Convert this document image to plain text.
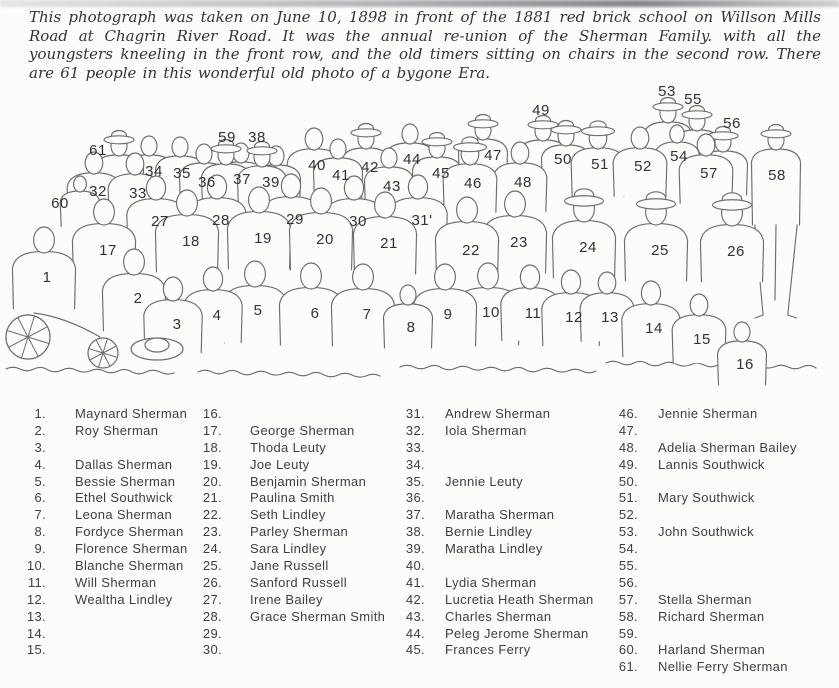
This photograph was taken on June 10, 1898 in front of the 1881 red brick school on Willson Mills Road at Chagrin River Road. It was the annual re-union of the Sherman Family. with all the youngsters kneeling in the front row, and the old timers sitting on chairs in the second row. There are 61 people in this wonderful old photo of a bygone Era.

1
2
3
4 5	6	7
8
9 10 11 12 13
14
15
16
17
18	19	20	21	22 23	24	25	26
27	28	29	30	31'
32 33
34 35
36 37
38
39
40
41 42
43
44
45
46
47
48
49
50 51 52
53
54
55
56
57	58
59
60
61
1. Maynard Sherman
2. Roy Sherman
3.
4. Dallas Sherman
5. Bessie Sherman
6. Ethel Southwick
7. Leona Sherman
8. Fordyce Sherman
9. Florence Sherman
10. Blanche Sherman
11. Will Sherman
12. Wealtha Lindley
13.
14.
15.
16.
17. George Sherman
18. Thoda Leuty
19. Joe Leuty
20. Benjamin Sherman
21. Paulina Smith
22. Seth Lindley
23. Parley Sherman
24. Sara Lindley
25. Jane Russell
26. Sanford Russell
27. Irene Bailey
28. Grace Sherman Smith
29.
30.
31. Andrew Sherman
32. Iola Sherman
33.
34.
35. Jennie Leuty
36.
37. Maratha Sherman
38. Bernie Lindley
39. Maratha Lindley
40.
41. Lydia Sherman
42. Lucretia Heath Sherman
43. Charles Sherman
44. Peleg Jerome Sherman
45. Frances Ferry
46. Jennie Sherman
47.
48. Adelia Sherman Bailey
49. Lannis Southwick
50.
51. Mary Southwick
52.
53. John Southwick
54.
55.
56.
57. Stella Sherman
58. Richard Sherman
59.
60. Harland Sherman
61. Nellie Ferry Sherman
